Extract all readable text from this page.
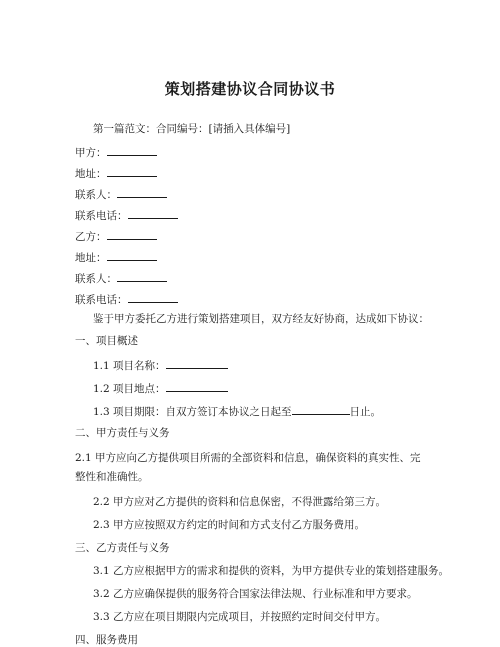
策划搭建协议合同协议书
第一篇范文：合同编号：[请插入具体编号]
甲方：
地址：
联系人：
联系电话：
乙方：
地址：
联系人：
联系电话：
鉴于甲方委托乙方进行策划搭建项目，双方经友好协商，达成如下协议：
一、项目概述
1.1 项目名称：
1.2 项目地点：
1.3 项目期限：自双方签订本协议之日起至	日止。
二、甲方责任与义务
2.1 甲方应向乙方提供项目所需的全部资料和信息，确保资料的真实性、完整性和准确性。
2.2 甲方应对乙方提供的资料和信息保密，不得泄露给第三方。
2.3 甲方应按照双方约定的时间和方式支付乙方服务费用。
三、乙方责任与义务
3.1 乙方应根据甲方的需求和提供的资料，为甲方提供专业的策划搭建服务。
3.2 乙方应确保提供的服务符合国家法律法规、行业标准和甲方要求。
3.3 乙方应在项目期限内完成项目，并按照约定时间交付甲方。
四、服务费用
